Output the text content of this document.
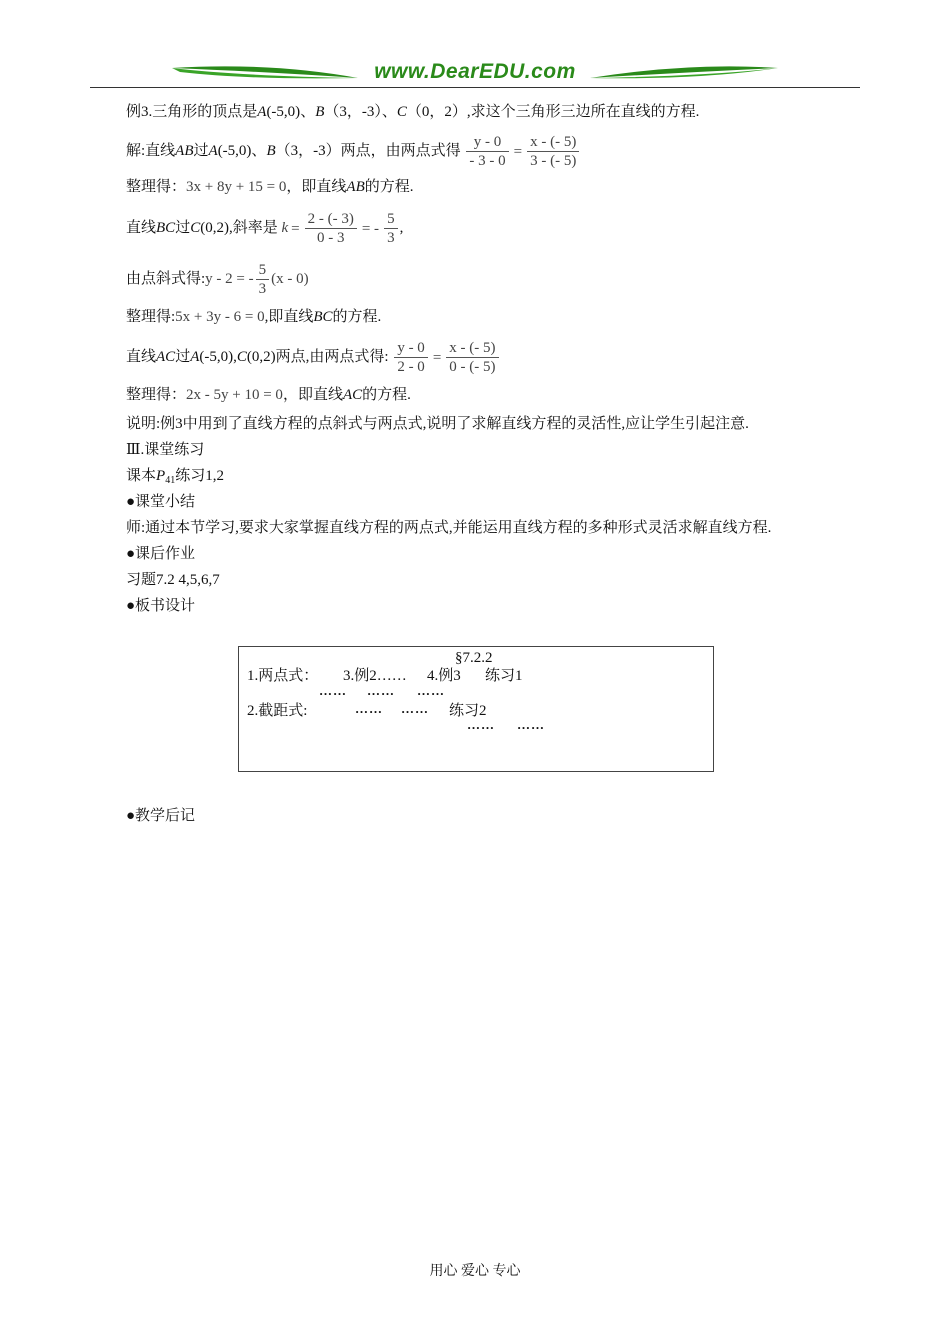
www.DearEDU.com
例3.三角形的顶点是A(-5,0)、B（3，-3）、C（0，2）,求这个三角形三边所在直线的方程.
解:直线AB过A(-5,0)、B（3，-3）两点，由两点式得 $\frac{y - 0}{- 3 - 0} = \frac{x - (- 5)}{3 - (- 5)}$
整理得：3x + 8y + 15 = 0，即直线AB的方程.
直线BC过C(0,2),斜率是 $k = \frac{2 - (- 3)}{0 - 3}$ = - $\frac{5}{3}$ ,
由点斜式得:y - 2 = - $\frac{5}{3} (x - 0)$
整理得:5x + 3y - 6 = 0,即直线BC的方程.
直线AC过A(-5,0),C(0,2)两点,由两点式得: $\frac{y - 0}{2 - 0} = \frac{x - (- 5)}{0 - (- 5)}$
整理得：2x - 5y + 10 = 0，即直线AC的方程.
说明:例3中用到了直线方程的点斜式与两点式,说明了求解直线方程的灵活性,应让学生引起注意.
Ⅲ.课堂练习
课本$P_{41}$练习1,2
●课堂小结
师:通过本节学习,要求大家掌握直线方程的两点式,并能运用直线方程的多种形式灵活求解直线方程.
●课后作业
习题7.2 4,5,6,7
●板书设计
§7.2.2
1.两点式： 3.例2…… 4.例3 练习1
…… …… ……
2.截距式:	…… …… 练习2
…… ……
●教学后记
用心 爱心 专心
